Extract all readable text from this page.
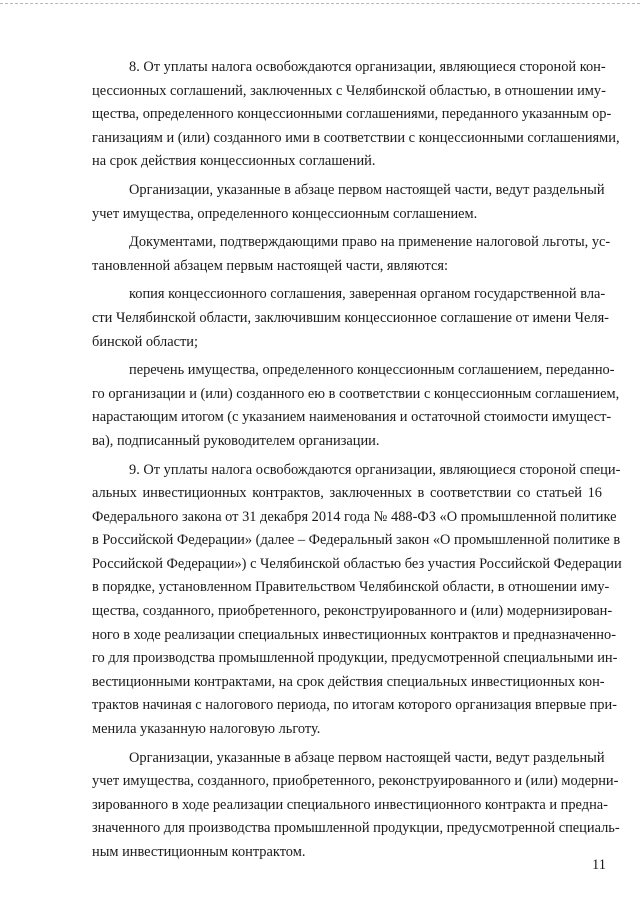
8. От уплаты налога освобождаются организации, являющиеся стороной кон-
цессионных соглашений, заключенных с Челябинской областью, в отношении иму-
щества, определенного концессионными соглашениями, переданного указанным ор-
ганизациям и (или) созданного ими в соответствии с концессионными соглашениями,
на срок действия концессионных соглашений.
Организации, указанные в абзаце первом настоящей части, ведут раздельный
учет имущества, определенного концессионным соглашением.
Документами, подтверждающими право на применение налоговой льготы, ус-
тановленной абзацем первым настоящей части, являются:
копия концессионного соглашения, заверенная органом государственной вла-
сти Челябинской области, заключившим концессионное соглашение от имени Челя-
бинской области;
перечень имущества, определенного концессионным соглашением, переданно-
го организации и (или) созданного ею в соответствии с концессионным соглашением,
нарастающим итогом (с указанием наименования и остаточной стоимости имущест-
ва), подписанный руководителем организации.
9. От уплаты налога освобождаются организации, являющиеся стороной специ-
альных инвестиционных контрактов, заключенных в соответствии со статьей 16
Федерального закона от 31 декабря 2014 года № 488-ФЗ «О промышленной политике
в Российской Федерации» (далее – Федеральный закон «О промышленной политике в
Российской Федерации») с Челябинской областью без участия Российской Федерации
в порядке, установленном Правительством Челябинской области, в отношении иму-
щества, созданного, приобретенного, реконструированного и (или) модернизирован-
ного в ходе реализации специальных инвестиционных контрактов и предназначенно-
го для производства промышленной продукции, предусмотренной специальными ин-
вестиционными контрактами, на срок действия специальных инвестиционных кон-
трактов начиная с налогового периода, по итогам которого организация впервые при-
менила указанную налоговую льготу.
Организации, указанные в абзаце первом настоящей части, ведут раздельный
учет имущества, созданного, приобретенного, реконструированного и (или) модерни-
зированного в ходе реализации специального инвестиционного контракта и предна-
значенного для производства промышленной продукции, предусмотренной специаль-
ным инвестиционным контрактом.
11
